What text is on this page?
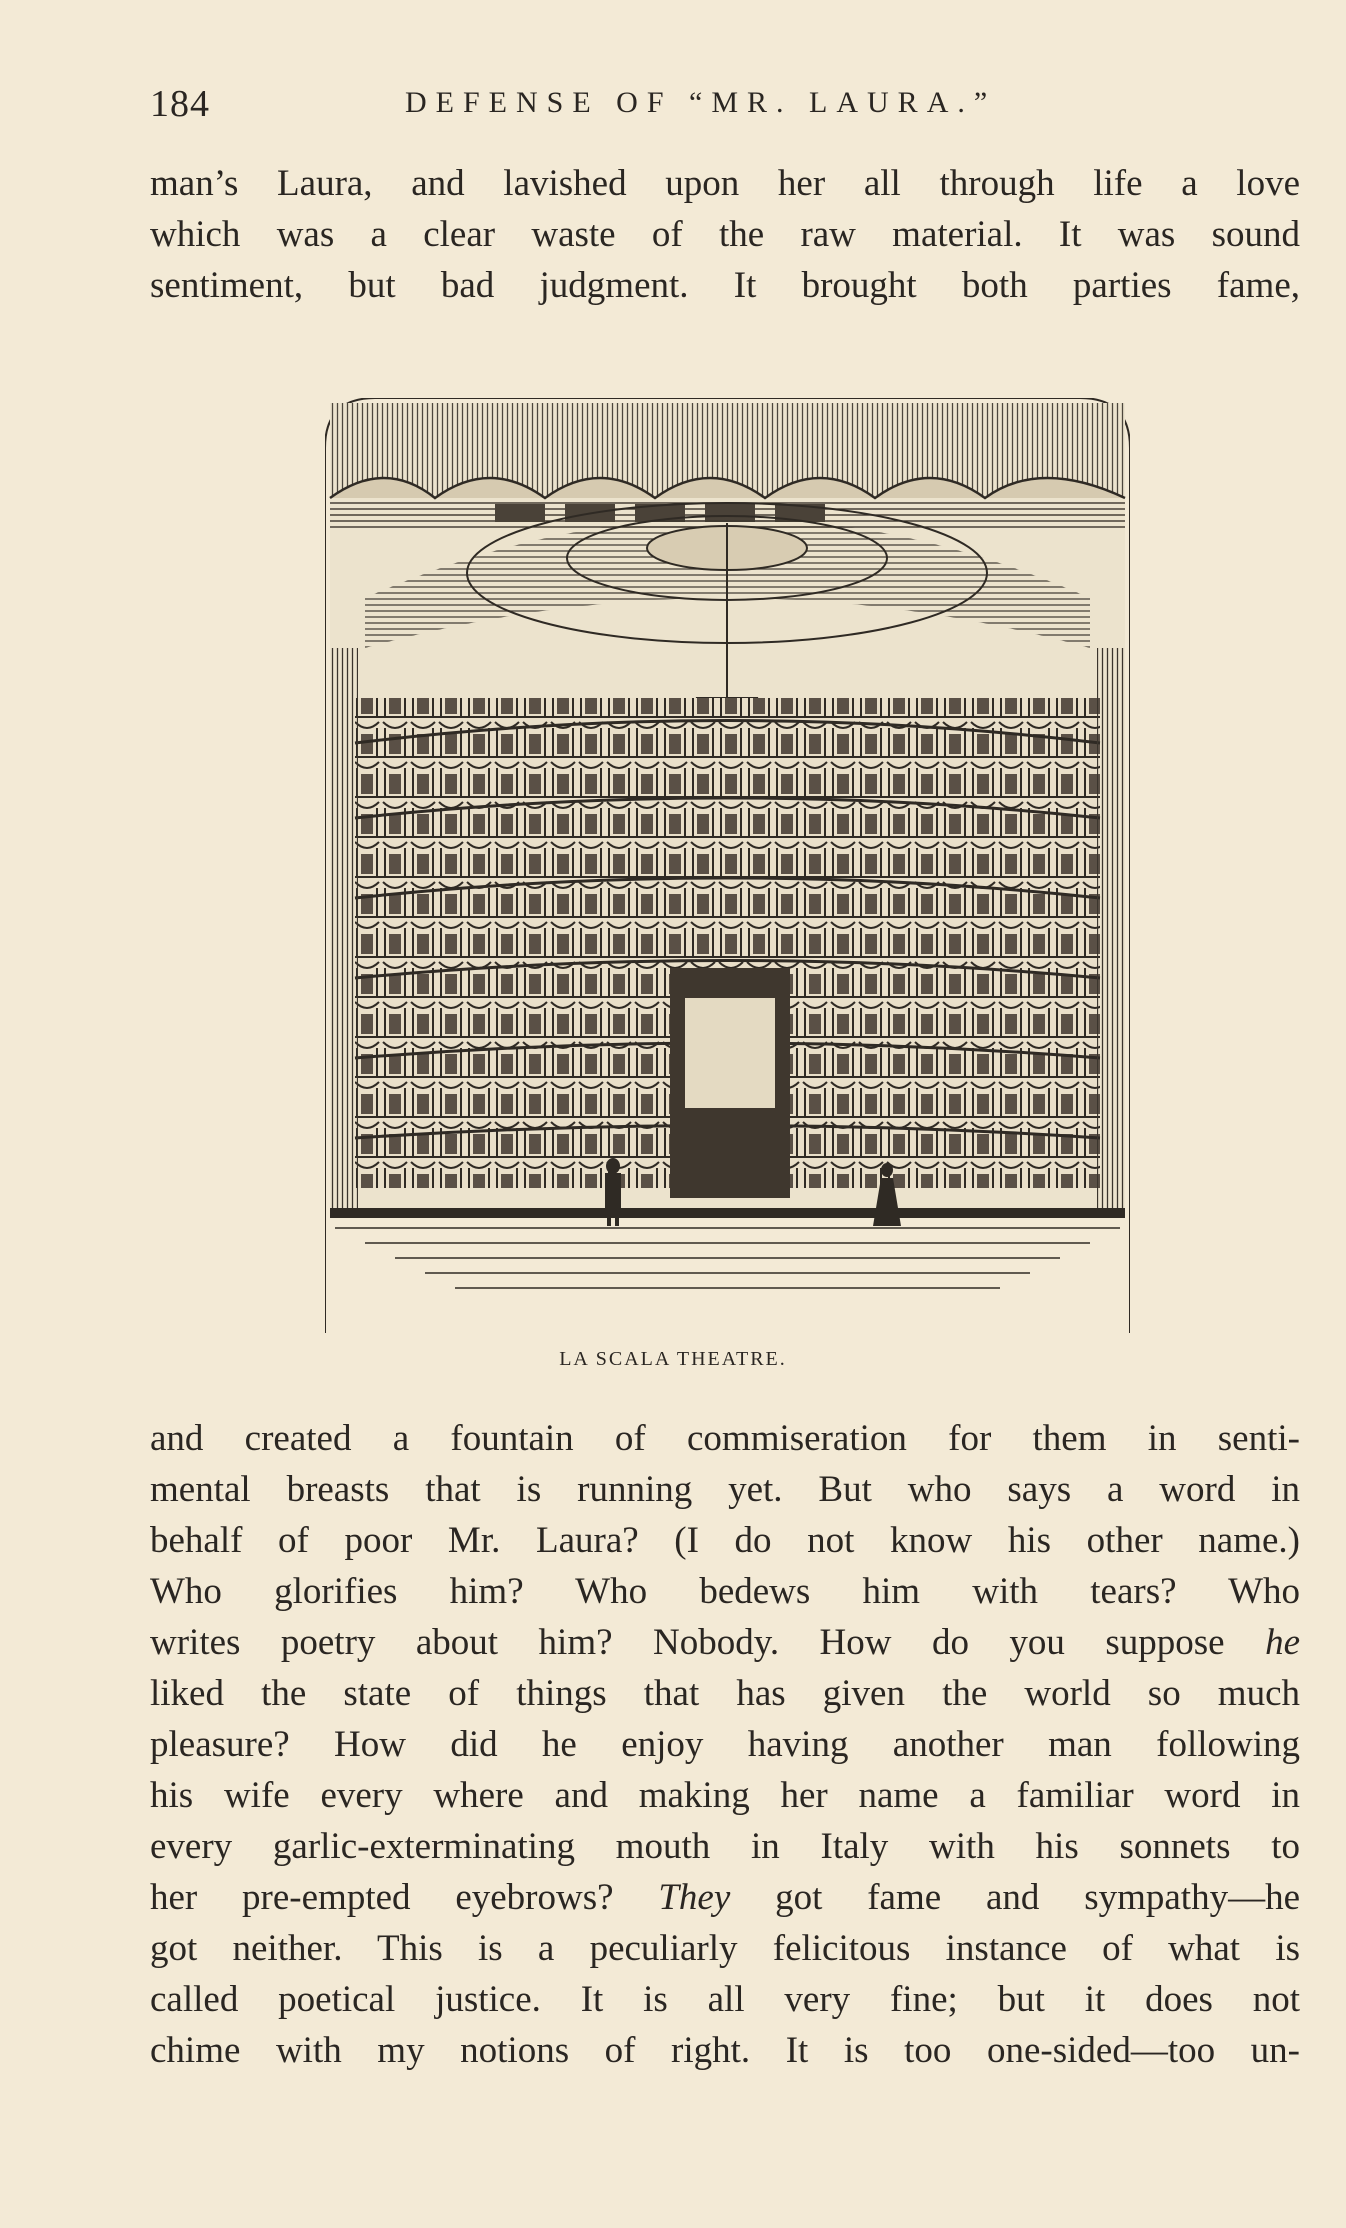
184	DEFENSE OF “MR. LAURA.”

man’s Laura, and lavished upon her all through life a love
which was a clear waste of the raw material. It was sound
sentiment, but bad judgment. It brought both parties fame,

LA SCALA THEATRE.

and created a fountain of commiseration for them in senti-
mental breasts that is running yet. But who says a word in
behalf of poor Mr. Laura? (I do not know his other name.)
Who glorifies him? Who bedews him with tears? Who
writes poetry about him? Nobody. How do you suppose he
liked the state of things that has given the world so much
pleasure? How did he enjoy having another man following
his wife every where and making her name a familiar word in
every garlic-exterminating mouth in Italy with his sonnets to
her pre-empted eyebrows? They got fame and sympathy—he
got neither. This is a peculiarly felicitous instance of what is
called poetical justice. It is all very fine; but it does not
chime with my notions of right. It is too one-sided—too un-
